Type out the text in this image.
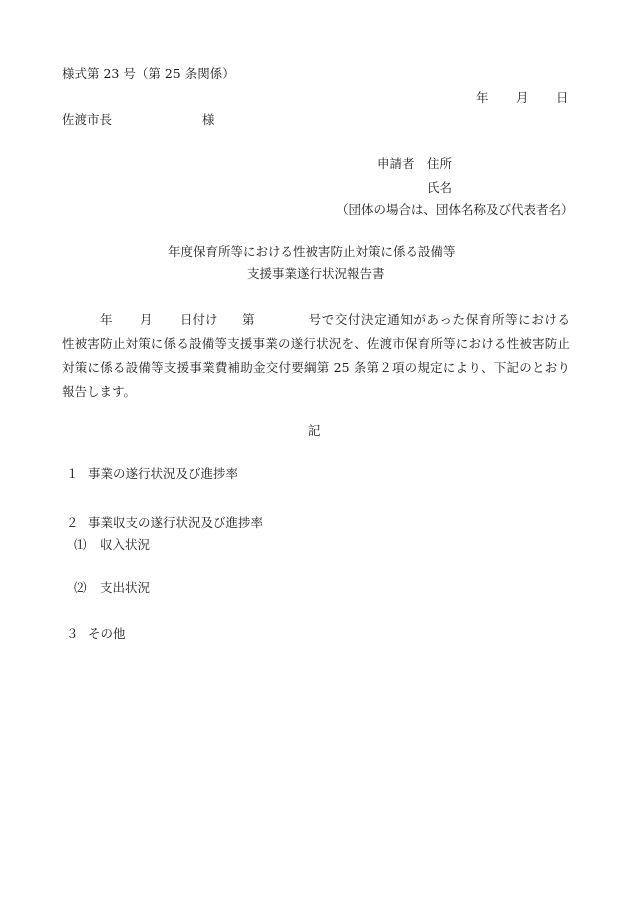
様式第 23 号（第 25 条関係）
年 月 日
佐渡市長	様
申請者 住所
氏名
（団体の場合は、団体名称及び代表者名）
年度保育所等における性被害防止対策に係る設備等
支援事業遂行状況報告書
年 月 日付け 第	号で交付決定通知があった保育所等における性被害防止対策に係る設備等支援事業の遂行状況を、佐渡市保育所等における性被害防止対策に係る設備等支援事業費補助金交付要綱第 25 条第２項の規定により、下記のとおり報告します。
記
１ 事業の遂行状況及び進捗率
２ 事業収支の遂行状況及び進捗率
⑴ 収入状況
⑵ 支出状況
３ その他
